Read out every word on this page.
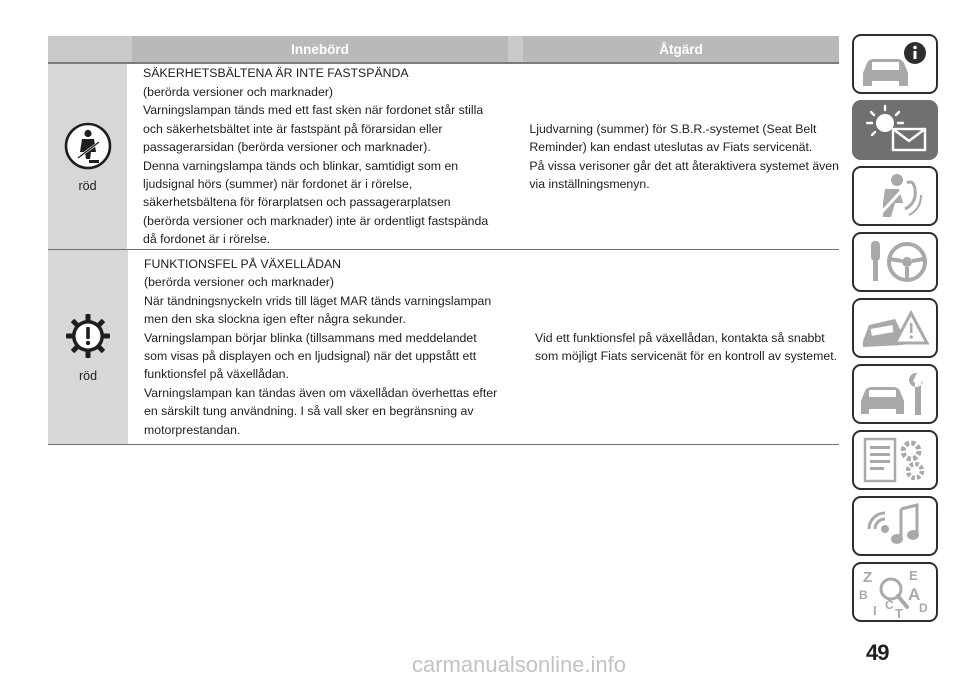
Innebörd	Åtgärd
röd
SÄKERHETSBÄLTENA ÄR INTE FASTSPÄNDA
(berörda versioner och marknader)
Varningslampan tänds med ett fast sken när fordonet står stilla
och säkerhetsbältet inte är fastspänt på förarsidan eller
passagerarsidan (berörda versioner och marknader).
Denna varningslampa tänds och blinkar, samtidigt som en
ljudsignal hörs (summer) när fordonet är i rörelse,
säkerhetsbältena för förarplatsen och passagerarplatsen
(berörda versioner och marknader) inte är ordentligt fastspända
då fordonet är i rörelse.
Ljudvarning (summer) för S.B.R.-systemet (Seat Belt
Reminder) kan endast uteslutas av Fiats servicenät.
På vissa verisoner går det att återaktivera systemet även
via inställningsmenyn.
röd
FUNKTIONSFEL PÅ VÄXELLÅDAN
(berörda versioner och marknader)
När tändningsnyckeln vrids till läget MAR tänds varningslampan
men den ska slockna igen efter några sekunder.
Varningslampan börjar blinka (tillsammans med meddelandet
som visas på displayen och en ljudsignal) när det uppstått ett
funktionsfel på växellådan.
Varningslampan kan tändas även om växellådan överhettas efter
en särskilt tung användning. I så vall sker en begränsning av
motorprestandan.
Vid ett funktionsfel på växellådan, kontakta så snabbt
som möjligt Fiats servicenät för en kontroll av systemet.
Z	E
B A
I C D
T
49
carmanualsonline.info
